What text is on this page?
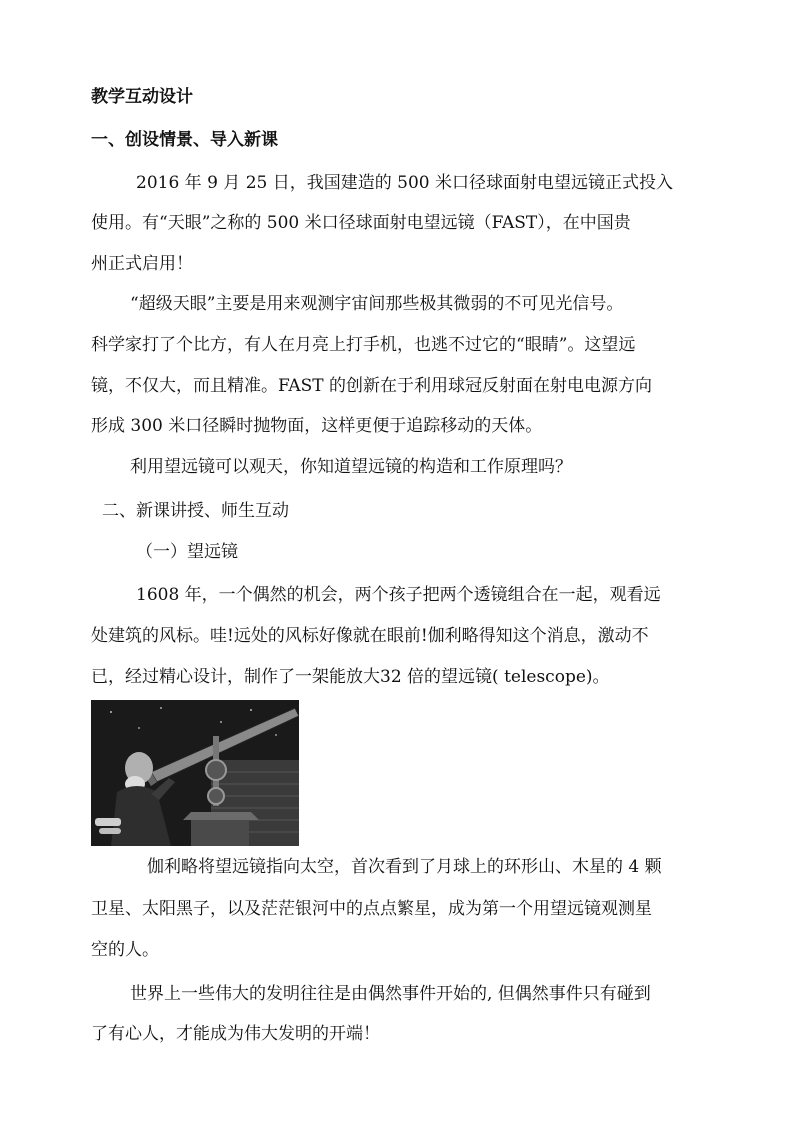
教学互动设计
一、创设情景、导入新课
2016 年 9 月 25 日，我国建造的 500 米口径球面射电望远镜正式投入
使用。有“天眼”之称的 500 米口径球面射电望远镜（FAST），在中国贵
州正式启用！
“超级天眼”主要是用来观测宇宙间那些极其微弱的不可见光信号。
科学家打了个比方，有人在月亮上打手机，也逃不过它的“眼睛”。这望远
镜，不仅大，而且精准。FAST 的创新在于利用球冠反射面在射电电源方向
形成 300 米口径瞬时抛物面，这样更便于追踪移动的天体。
利用望远镜可以观天，你知道望远镜的构造和工作原理吗？
二、新课讲授、师生互动
（一）望远镜
1608 年，一个偶然的机会，两个孩子把两个透镜组合在一起，观看远
处建筑的风标。哇!远处的风标好像就在眼前!伽利略得知这个消息，激动不
已，经过精心设计，制作了一架能放大32 倍的望远镜( telescope)。
伽利略将望远镜指向太空，首次看到了月球上的环形山、木星的 4 颗
卫星、太阳黑子，以及茫茫银河中的点点繁星，成为第一个用望远镜观测星
空的人。
世界上一些伟大的发明往往是由偶然事件开始的, 但偶然事件只有碰到
了有心人，才能成为伟大发明的开端！
